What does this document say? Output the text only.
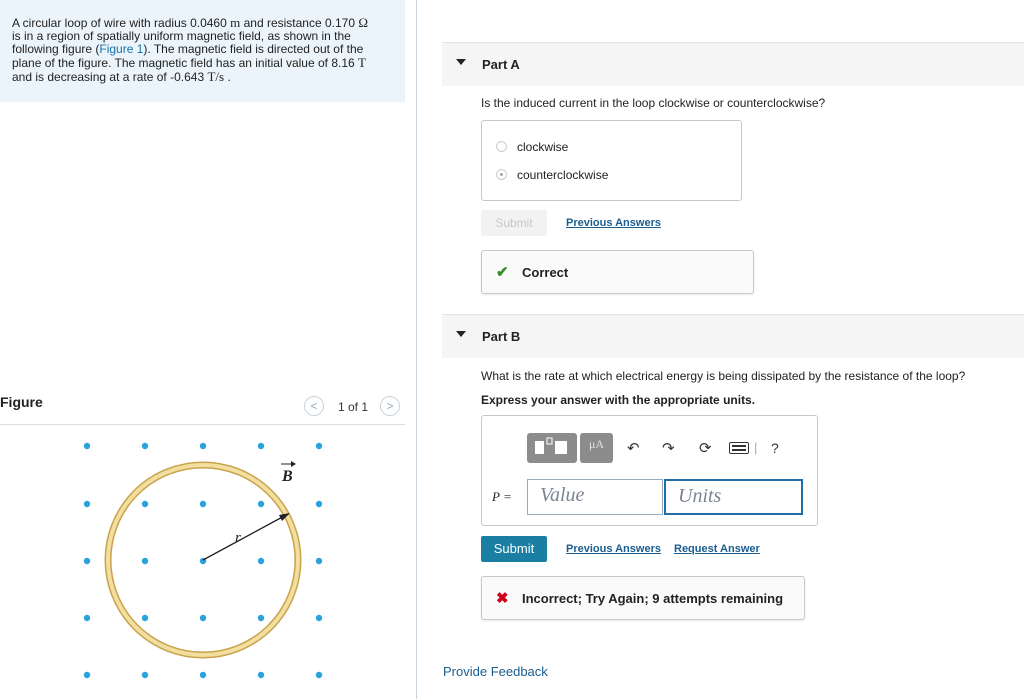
A circular loop of wire with radius 0.0460 m and resistance 0.170 Ω
is in a region of spatially uniform magnetic field, as shown in the
following figure (Figure 1). The magnetic field is directed out of the
plane of the figure. The magnetic field has an initial value of 8.16 T
and is decreasing at a rate of -0.643 T/s .
Figure	<	1 of 1	>
r
B
Part A
Is the induced current in the loop clockwise or counterclockwise?
clockwise
counterclockwise
Submit	Previous Answers
✔ Correct
Part B
What is the rate at which electrical energy is being dissipated by the resistance of the loop?
Express your answer with the appropriate units.
μA	↶ ↷ ⟳	| ?
P =	Value	Units
Submit	Previous Answers Request Answer
✖ Incorrect; Try Again; 9 attempts remaining
Provide Feedback
